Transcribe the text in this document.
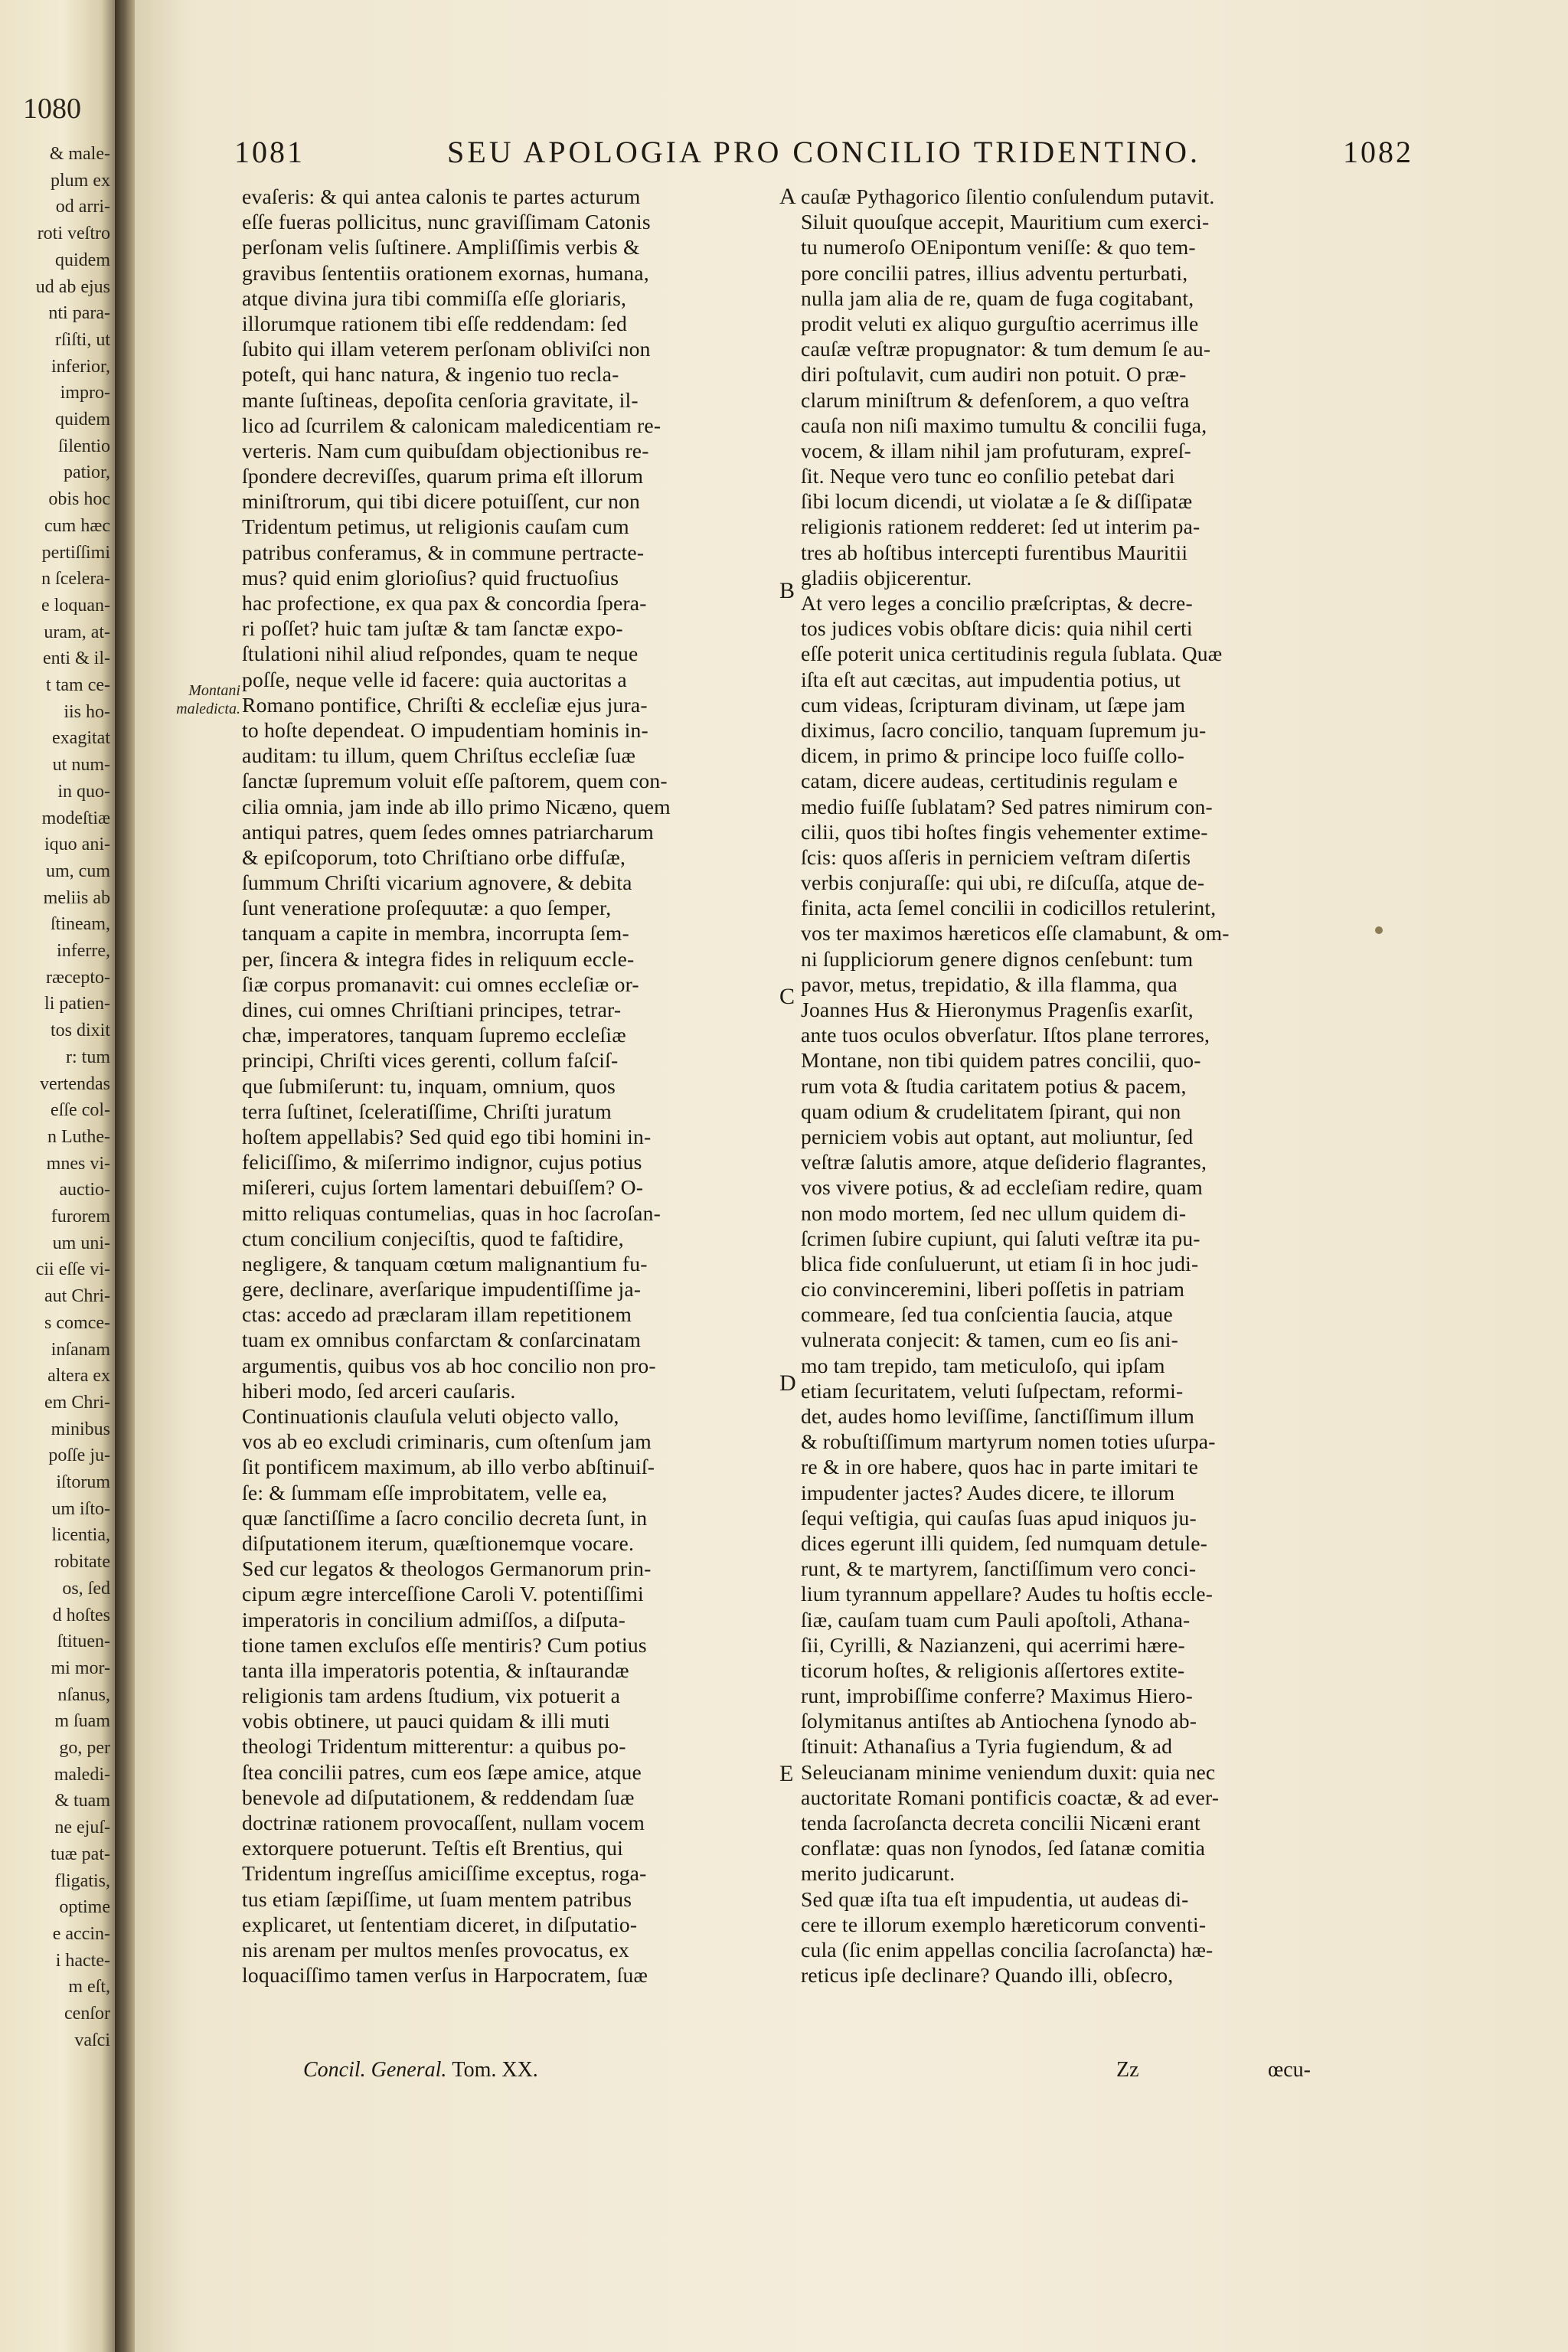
1080
& male-
plum ex
od arri-
roti veſtro
quidem
ud ab ejus
nti para-
rſiſti, ut
inferior,
impro-
quidem
ſilentio
patior,
obis hoc
cum hæc
pertiſſimi
n ſcelera-
e loquan-
uram, at-
enti & il-
t tam ce-
iis ho-
exagitat
ut num-
in quo-
modeſtiæ
iquo ani-
um, cum
meliis ab
ſtineam,
inferre,
ræcepto-
li patien-
tos dixit
r: tum
vertendas
eſſe col-
n Luthe-
mnes vi-
auctio-
furorem
um uni-
cii eſſe vi-
aut Chri-
s comce-
inſanam
altera ex
em Chri-
minibus
poſſe ju-
iſtorum
um iſto-
licentia,
robitate
os, ſed
d hoſtes
ſtituen-
mi mor-
nſanus,
m ſuam
go, per
maledi-
& tuam
ne ejuſ-
tuæ pat-
fligatis,
optime
e accin-
i hacte-
m eſt,
cenſor
vaſci
1081	SEU APOLOGIA PRO CONCILIO TRIDENTINO.	1082
Montani maledicta.
evaſeris: & qui antea calonis te partes acturum
eſſe fueras pollicitus, nunc graviſſimam Catonis
perſonam velis ſuſtinere. Ampliſſimis verbis &
gravibus ſententiis orationem exornas, humana,
atque divina jura tibi commiſſa eſſe gloriaris,
illorumque rationem tibi eſſe reddendam: ſed
ſubito qui illam veterem perſonam obliviſci non
poteſt, qui hanc natura, & ingenio tuo recla-
mante ſuſtineas, depoſita cenſoria gravitate, il-
lico ad ſcurrilem & calonicam maledicentiam re-
verteris. Nam cum quibuſdam objectionibus re-
ſpondere decreviſſes, quarum prima eſt illorum
miniſtrorum, qui tibi dicere potuiſſent, cur non
Tridentum petimus, ut religionis cauſam cum
patribus conferamus, & in commune pertracte-
mus? quid enim glorioſius? quid fructuoſius
hac profectione, ex qua pax & concordia ſpera-
ri poſſet? huic tam juſtæ & tam ſanctæ expo-
ſtulationi nihil aliud reſpondes, quam te neque
poſſe, neque velle id facere: quia auctoritas a
Romano pontifice, Chriſti & eccleſiæ ejus jura-
to hoſte dependeat. O impudentiam hominis in-
auditam: tu illum, quem Chriſtus eccleſiæ ſuæ
ſanctæ ſupremum voluit eſſe paſtorem, quem con-
cilia omnia, jam inde ab illo primo Nicæno, quem
antiqui patres, quem ſedes omnes patriarcharum
& epiſcoporum, toto Chriſtiano orbe diffuſæ,
ſummum Chriſti vicarium agnovere, & debita
ſunt veneratione proſequutæ: a quo ſemper,
tanquam a capite in membra, incorrupta ſem-
per, ſincera & integra fides in reliquum eccle-
ſiæ corpus promanavit: cui omnes eccleſiæ or-
dines, cui omnes Chriſtiani principes, tetrar-
chæ, imperatores, tanquam ſupremo eccleſiæ
principi, Chriſti vices gerenti, collum faſciſ-
que ſubmiſerunt: tu, inquam, omnium, quos
terra ſuſtinet, ſceleratiſſime, Chriſti juratum
hoſtem appellabis? Sed quid ego tibi homini in-
feliciſſimo, & miſerrimo indignor, cujus potius
miſereri, cujus ſortem lamentari debuiſſem? O-
mitto reliquas contumelias, quas in hoc ſacroſan-
ctum concilium conjeciſtis, quod te faſtidire,
negligere, & tanquam cœtum malignantium fu-
gere, declinare, averſarique impudentiſſime ja-
ctas: accedo ad præclaram illam repetitionem
tuam ex omnibus confarctam & conſarcinatam
argumentis, quibus vos ab hoc concilio non pro-
hiberi modo, ſed arceri cauſaris.
Continuationis clauſula veluti objecto vallo,
vos ab eo excludi criminaris, cum oſtenſum jam
ſit pontificem maximum, ab illo verbo abſtinuiſ-
ſe: & ſummam eſſe improbitatem, velle ea,
quæ ſanctiſſime a ſacro concilio decreta ſunt, in
diſputationem iterum, quæſtionemque vocare.
Sed cur legatos & theologos Germanorum prin-
cipum ægre interceſſione Caroli V. potentiſſimi
imperatoris in concilium admiſſos, a diſputa-
tione tamen excluſos eſſe mentiris? Cum potius
tanta illa imperatoris potentia, & inſtaurandæ
religionis tam ardens ſtudium, vix potuerit a
vobis obtinere, ut pauci quidam & illi muti
theologi Tridentum mitterentur: a quibus po-
ſtea concilii patres, cum eos ſæpe amice, atque
benevole ad diſputationem, & reddendam ſuæ
doctrinæ rationem provocaſſent, nullam vocem
extorquere potuerunt. Teſtis eſt Brentius, qui
Tridentum ingreſſus amiciſſime exceptus, roga-
tus etiam ſæpiſſime, ut ſuam mentem patribus
explicaret, ut ſententiam diceret, in diſputatio-
nis arenam per multos menſes provocatus, ex
loquaciſſimo tamen verſus in Harpocratem, ſuæ
cauſæ Pythagorico ſilentio conſulendum putavit.
Siluit quouſque accepit, Mauritium cum exerci-
tu numeroſo OEnipontum veniſſe: & quo tem-
pore concilii patres, illius adventu perturbati,
nulla jam alia de re, quam de fuga cogitabant,
prodit veluti ex aliquo gurguſtio acerrimus ille
cauſæ veſtræ propugnator: & tum demum ſe au-
diri poſtulavit, cum audiri non potuit. O præ-
clarum miniſtrum & defenſorem, a quo veſtra
cauſa non niſi maximo tumultu & concilii fuga,
vocem, & illam nihil jam profuturam, expreſ-
ſit. Neque vero tunc eo conſilio petebat dari
ſibi locum dicendi, ut violatæ a ſe & diſſipatæ
religionis rationem redderet: ſed ut interim pa-
tres ab hoſtibus intercepti furentibus Mauritii
gladiis objicerentur.
At vero leges a concilio præſcriptas, & decre-
tos judices vobis obſtare dicis: quia nihil certi
eſſe poterit unica certitudinis regula ſublata. Quæ
iſta eſt aut cæcitas, aut impudentia potius, ut
cum videas, ſcripturam divinam, ut ſæpe jam
diximus, ſacro concilio, tanquam ſupremum ju-
dicem, in primo & principe loco fuiſſe collo-
catam, dicere audeas, certitudinis regulam e
medio fuiſſe ſublatam? Sed patres nimirum con-
cilii, quos tibi hoſtes fingis vehementer extime-
ſcis: quos aſſeris in perniciem veſtram diſertis
verbis conjuraſſe: qui ubi, re diſcuſſa, atque de-
finita, acta ſemel concilii in codicillos retulerint,
vos ter maximos hæreticos eſſe clamabunt, & om-
ni ſuppliciorum genere dignos cenſebunt: tum
pavor, metus, trepidatio, & illa flamma, qua
Joannes Hus & Hieronymus Pragenſis exarſit,
ante tuos oculos obverſatur. Iſtos plane terrores,
Montane, non tibi quidem patres concilii, quo-
rum vota & ſtudia caritatem potius & pacem,
quam odium & crudelitatem ſpirant, qui non
perniciem vobis aut optant, aut moliuntur, ſed
veſtræ ſalutis amore, atque deſiderio flagrantes,
vos vivere potius, & ad eccleſiam redire, quam
non modo mortem, ſed nec ullum quidem di-
ſcrimen ſubire cupiunt, qui ſaluti veſtræ ita pu-
blica fide conſuluerunt, ut etiam ſi in hoc judi-
cio convinceremini, liberi poſſetis in patriam
commeare, ſed tua conſcientia ſaucia, atque
vulnerata conjecit: & tamen, cum eo ſis ani-
mo tam trepido, tam meticuloſo, qui ipſam
etiam ſecuritatem, veluti ſuſpectam, reformi-
det, audes homo leviſſime, ſanctiſſimum illum
& robuſtiſſimum martyrum nomen toties uſurpa-
re & in ore habere, quos hac in parte imitari te
impudenter jactes? Audes dicere, te illorum
ſequi veſtigia, qui cauſas ſuas apud iniquos ju-
dices egerunt illi quidem, ſed numquam detule-
runt, & te martyrem, ſanctiſſimum vero conci-
lium tyrannum appellare? Audes tu hoſtis eccle-
ſiæ, cauſam tuam cum Pauli apoſtoli, Athana-
ſii, Cyrilli, & Nazianzeni, qui acerrimi hære-
ticorum hoſtes, & religionis aſſertores extite-
runt, improbiſſime conferre? Maximus Hiero-
ſolymitanus antiſtes ab Antiochena ſynodo ab-
ſtinuit: Athanaſius a Tyria fugiendum, & ad
Seleucianam minime veniendum duxit: quia nec
auctoritate Romani pontificis coactæ, & ad ever-
tenda ſacroſancta decreta concilii Nicæni erant
conflatæ: quas non ſynodos, ſed ſatanæ comitia
merito judicarunt.
Sed quæ iſta tua eſt impudentia, ut audeas di-
cere te illorum exemplo hæreticorum conventi-
cula (ſic enim appellas concilia ſacroſancta) hæ-
reticus ipſe declinare? Quando illi, obſecro,
A
B
C
D
E
Concil. General. Tom. XX.	Zz	œcu-
